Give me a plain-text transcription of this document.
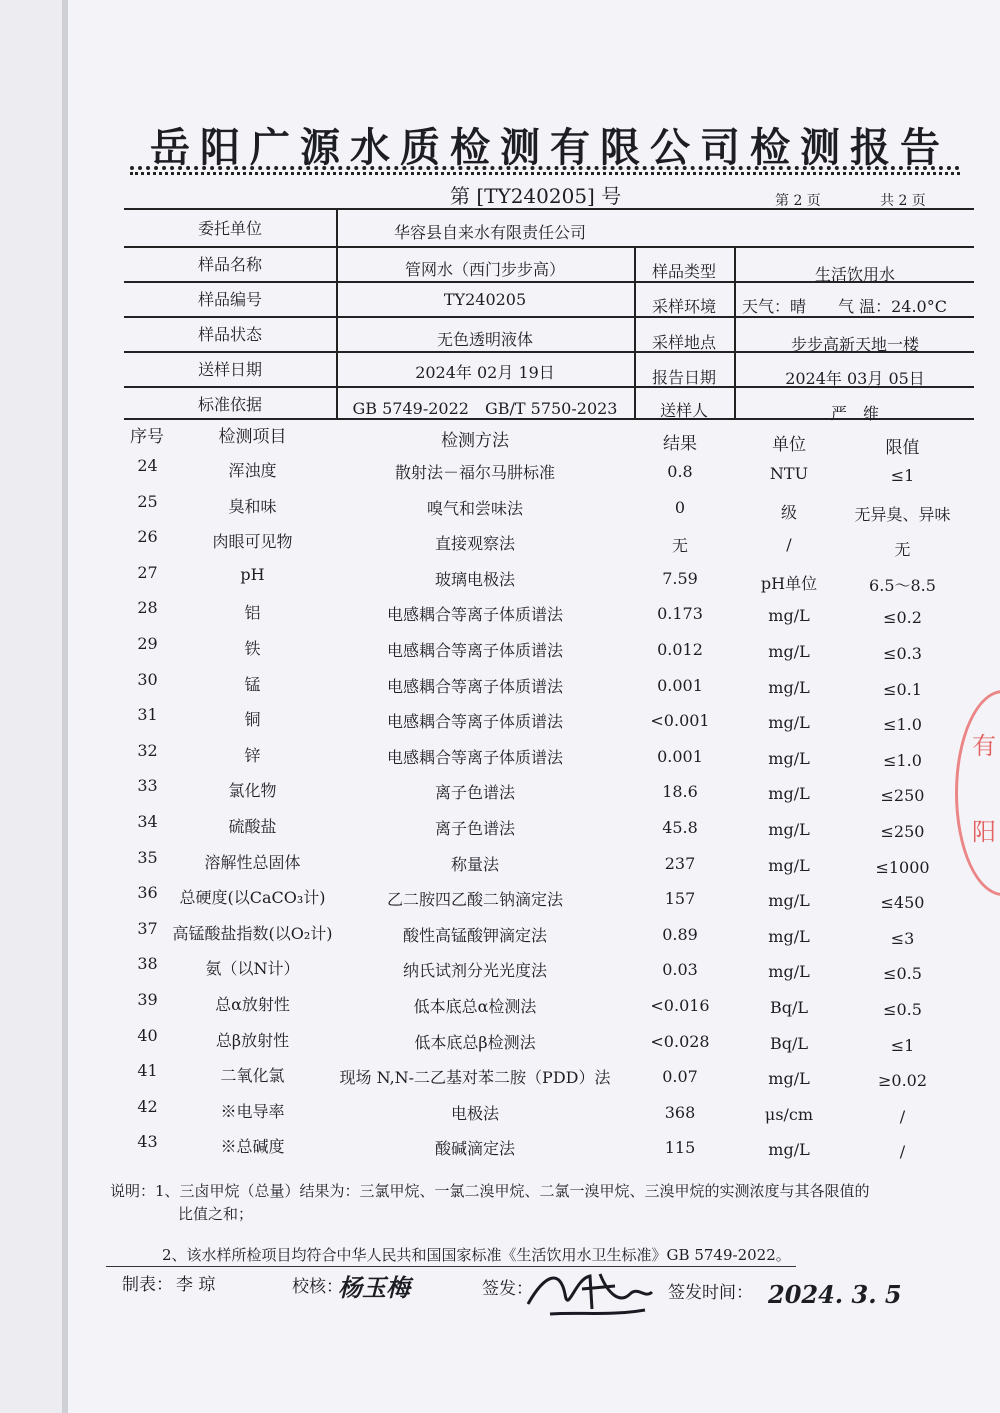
岳阳广源水质检测有限公司检测报告
第 [TY240205] 号	第 2 页	共 2 页
委托单位	华容县自来水有限责任公司
样品名称	管网水（西门步步高）	样品类型	生活饮用水
样品编号	TY240205	采样环境	天气：晴　　气 温：24.0°C
样品状态	无色透明液体	采样地点	步步高新天地一楼
送样日期	2024年 02月 19日	报告日期	2024年 03月 05日
标准依据	GB 5749-2022　GB/T 5750-2023	送样人	严　维
序号	检测项目	检测方法	结果	单位	限值
24	浑浊度	散射法－福尔马肼标准	0.8	NTU	≤1
25	臭和味	嗅气和尝味法	0	级	无异臭、异味
26	肉眼可见物	直接观察法	无	/	无
27	pH	玻璃电极法	7.59	pH单位	6.5～8.5
28	铝	电感耦合等离子体质谱法	0.173	mg/L	≤0.2
29	铁	电感耦合等离子体质谱法	0.012	mg/L	≤0.3
30	锰	电感耦合等离子体质谱法	0.001	mg/L	≤0.1
31	铜	电感耦合等离子体质谱法	<0.001	mg/L	≤1.0
32	锌	电感耦合等离子体质谱法	0.001	mg/L	≤1.0
33	氯化物	离子色谱法	18.6	mg/L	≤250
34	硫酸盐	离子色谱法	45.8	mg/L	≤250
35	溶解性总固体	称量法	237	mg/L	≤1000
36	总硬度(以CaCO₃计)	乙二胺四乙酸二钠滴定法	157	mg/L	≤450
37 高锰酸盐指数(以O₂计)	酸性高锰酸钾滴定法	0.89	mg/L	≤3
38	氨（以N计）	纳氏试剂分光光度法	0.03	mg/L	≤0.5
39	总α放射性	低本底总α检测法	<0.016	Bq/L	≤0.5
40	总β放射性	低本底总β检测法	<0.028	Bq/L	≤1
41	二氧化氯	现场 N,N-二乙基对苯二胺（PDD）法	0.07	mg/L	≥0.02
42	※电导率	电极法	368	μs/cm	/
43	※总碱度	酸碱滴定法	115	mg/L	/
说明：1、三卤甲烷（总量）结果为：三氯甲烷、一氯二溴甲烷、二氯一溴甲烷、三溴甲烷的实测浓度与其各限值的
比值之和；
2、该水样所检项目均符合中华人民共和国国家标准《生活饮用水卫生标准》GB 5749-2022。
制表： 李 琼	校核：
杨玉梅	签发：	签发时间： 2024. 3. 5
有
阳
